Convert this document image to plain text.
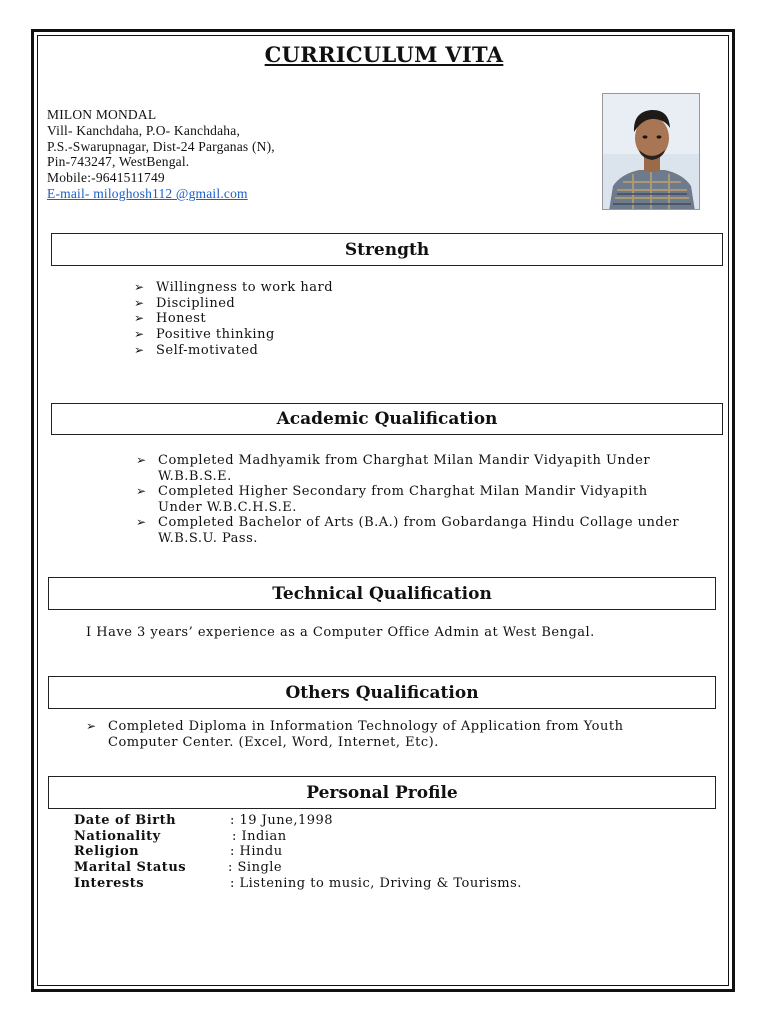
CURRICULUM VITA
MILON MONDAL
Vill- Kanchdaha, P.O- Kanchdaha,
P.S.-Swarupnagar, Dist-24 Parganas (N),
Pin-743247, WestBengal.
Mobile:-9641511749
E-mail- miloghosh112 @gmail.com
Strength
➢ Willingness to work hard
➢ Disciplined
➢ Honest
➢ Positive thinking
➢ Self-motivated
Academic Qualification
➢ Completed Madhyamik from Charghat Milan Mandir Vidyapith Under W.B.B.S.E.
➢ Completed Higher Secondary from Charghat Milan Mandir Vidyapith Under W.B.C.H.S.E.
➢ Completed Bachelor of Arts (B.A.) from Gobardanga Hindu Collage under W.B.S.U. Pass.
Technical Qualification
I Have 3 years’ experience as a Computer Office Admin at West Bengal.
Others Qualification
➢ Completed Diploma in Information Technology of Application from Youth Computer Center. (Excel, Word, Internet, Etc).
Personal Profile
Date of Birth	: 19 June,1998
Nationality	: Indian
Religion	: Hindu
Marital Status	: Single
Interests	: Listening to music, Driving & Tourisms.
